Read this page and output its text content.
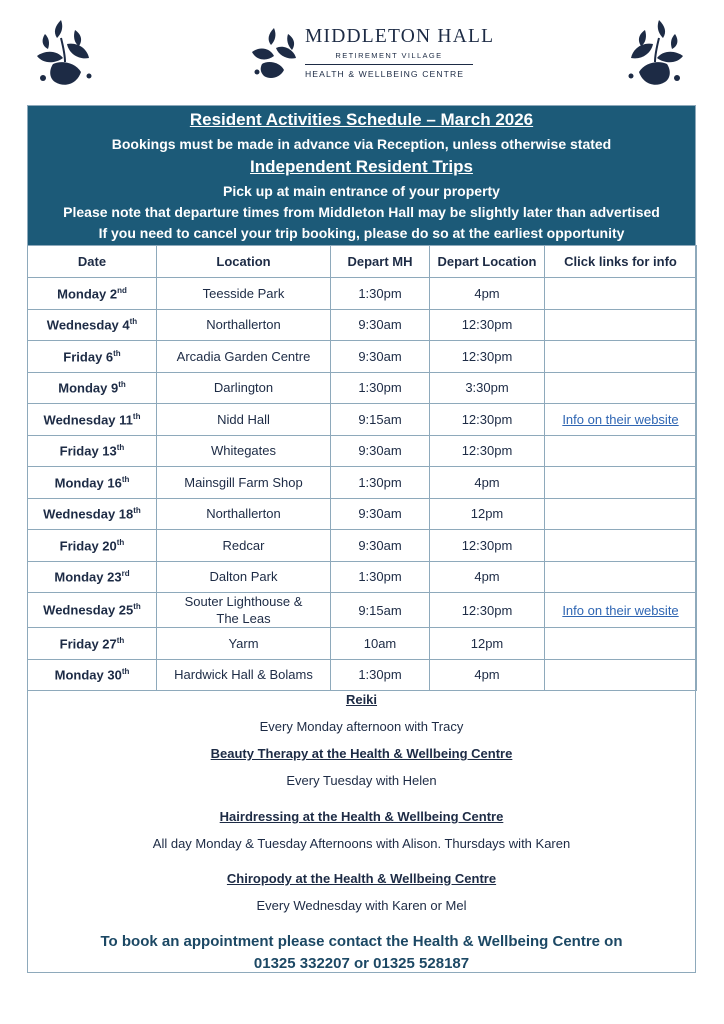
MIDDLETON HALL
RETIREMENT VILLAGE
HEALTH & WELLBEING CENTRE
Resident Activities Schedule – March 2026
Bookings must be made in advance via Reception, unless otherwise stated
Independent Resident Trips
Pick up at main entrance of your property
Please note that departure times from Middleton Hall may be slightly later than advertised
If you need to cancel your trip booking, please do so at the earliest opportunity
Date	Location	Depart MH	Depart Location	Click links for info
Monday 2nd	Teesside Park	1:30pm	4pm	
Wednesday 4th	Northallerton	9:30am	12:30pm	
Friday 6th	Arcadia Garden Centre	9:30am	12:30pm	
Monday 9th	Darlington	1:30pm	3:30pm	
Wednesday 11th	Nidd Hall	9:15am	12:30pm	Info on their website
Friday 13th	Whitegates	9:30am	12:30pm	
Monday 16th	Mainsgill Farm Shop	1:30pm	4pm	
Wednesday 18th	Northallerton	9:30am	12pm	
Friday 20th	Redcar	9:30am	12:30pm	
Monday 23rd	Dalton Park	1:30pm	4pm	
Wednesday 25th	Souter Lighthouse & The Leas	9:15am	12:30pm	Info on their website
Friday 27th	Yarm	10am	12pm	
Monday 30th	Hardwick Hall & Bolams	1:30pm	4pm	
Reiki
Every Monday afternoon with Tracy
Beauty Therapy at the Health & Wellbeing Centre
Every Tuesday with Helen
Hairdressing at the Health & Wellbeing Centre
All day Monday & Tuesday Afternoons with Alison. Thursdays with Karen
Chiropody at the Health & Wellbeing Centre
Every Wednesday with Karen or Mel
To book an appointment please contact the Health & Wellbeing Centre on
01325 332207 or 01325 528187
